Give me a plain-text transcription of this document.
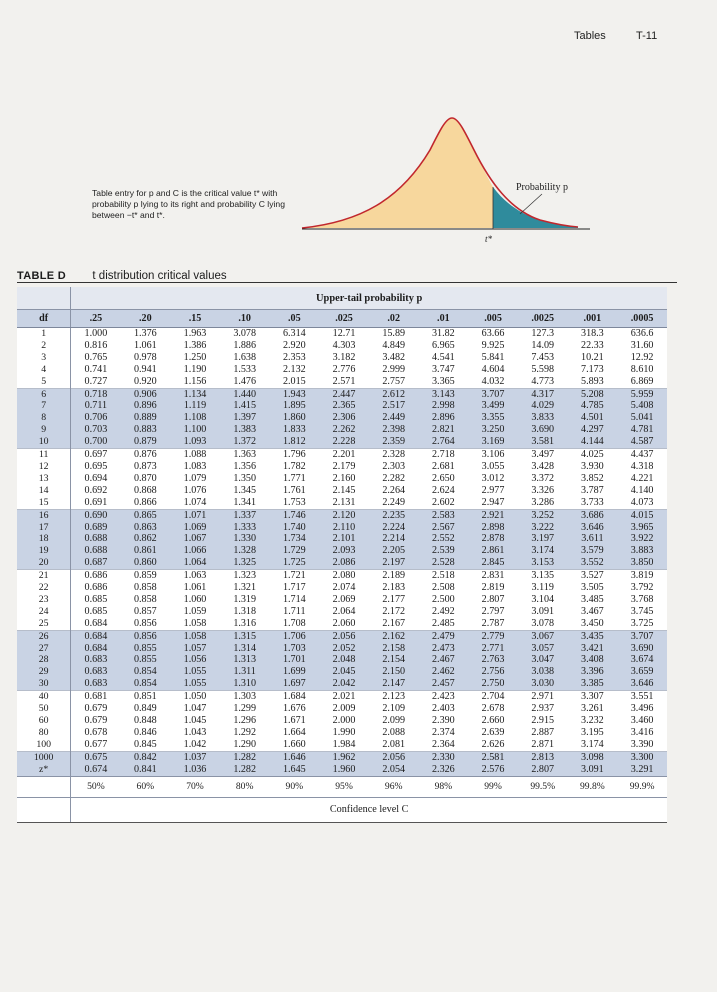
Tables	T-11
Table entry for p and C is the critical value t* with probability p lying to its right and probability C lying between −t* and t*.
Probability p
t*
TABLE D t distribution critical values
	Upper-tail probability p											
df	.25	.20	.15	.10	.05	.025	.02	.01	.005	.0025	.001	.0005
1	1.000	1.376	1.963	3.078	6.314	12.71	15.89	31.82	63.66	127.3	318.3	636.6
2	0.816	1.061	1.386	1.886	2.920	4.303	4.849	6.965	9.925	14.09	22.33	31.60
3	0.765	0.978	1.250	1.638	2.353	3.182	3.482	4.541	5.841	7.453	10.21	12.92
4	0.741	0.941	1.190	1.533	2.132	2.776	2.999	3.747	4.604	5.598	7.173	8.610
5	0.727	0.920	1.156	1.476	2.015	2.571	2.757	3.365	4.032	4.773	5.893	6.869
6	0.718	0.906	1.134	1.440	1.943	2.447	2.612	3.143	3.707	4.317	5.208	5.959
7	0.711	0.896	1.119	1.415	1.895	2.365	2.517	2.998	3.499	4.029	4.785	5.408
8	0.706	0.889	1.108	1.397	1.860	2.306	2.449	2.896	3.355	3.833	4.501	5.041
9	0.703	0.883	1.100	1.383	1.833	2.262	2.398	2.821	3.250	3.690	4.297	4.781
10	0.700	0.879	1.093	1.372	1.812	2.228	2.359	2.764	3.169	3.581	4.144	4.587
11	0.697	0.876	1.088	1.363	1.796	2.201	2.328	2.718	3.106	3.497	4.025	4.437
12	0.695	0.873	1.083	1.356	1.782	2.179	2.303	2.681	3.055	3.428	3.930	4.318
13	0.694	0.870	1.079	1.350	1.771	2.160	2.282	2.650	3.012	3.372	3.852	4.221
14	0.692	0.868	1.076	1.345	1.761	2.145	2.264	2.624	2.977	3.326	3.787	4.140
15	0.691	0.866	1.074	1.341	1.753	2.131	2.249	2.602	2.947	3.286	3.733	4.073
16	0.690	0.865	1.071	1.337	1.746	2.120	2.235	2.583	2.921	3.252	3.686	4.015
17	0.689	0.863	1.069	1.333	1.740	2.110	2.224	2.567	2.898	3.222	3.646	3.965
18	0.688	0.862	1.067	1.330	1.734	2.101	2.214	2.552	2.878	3.197	3.611	3.922
19	0.688	0.861	1.066	1.328	1.729	2.093	2.205	2.539	2.861	3.174	3.579	3.883
20	0.687	0.860	1.064	1.325	1.725	2.086	2.197	2.528	2.845	3.153	3.552	3.850
21	0.686	0.859	1.063	1.323	1.721	2.080	2.189	2.518	2.831	3.135	3.527	3.819
22	0.686	0.858	1.061	1.321	1.717	2.074	2.183	2.508	2.819	3.119	3.505	3.792
23	0.685	0.858	1.060	1.319	1.714	2.069	2.177	2.500	2.807	3.104	3.485	3.768
24	0.685	0.857	1.059	1.318	1.711	2.064	2.172	2.492	2.797	3.091	3.467	3.745
25	0.684	0.856	1.058	1.316	1.708	2.060	2.167	2.485	2.787	3.078	3.450	3.725
26	0.684	0.856	1.058	1.315	1.706	2.056	2.162	2.479	2.779	3.067	3.435	3.707
27	0.684	0.855	1.057	1.314	1.703	2.052	2.158	2.473	2.771	3.057	3.421	3.690
28	0.683	0.855	1.056	1.313	1.701	2.048	2.154	2.467	2.763	3.047	3.408	3.674
29	0.683	0.854	1.055	1.311	1.699	2.045	2.150	2.462	2.756	3.038	3.396	3.659
30	0.683	0.854	1.055	1.310	1.697	2.042	2.147	2.457	2.750	3.030	3.385	3.646
40	0.681	0.851	1.050	1.303	1.684	2.021	2.123	2.423	2.704	2.971	3.307	3.551
50	0.679	0.849	1.047	1.299	1.676	2.009	2.109	2.403	2.678	2.937	3.261	3.496
60	0.679	0.848	1.045	1.296	1.671	2.000	2.099	2.390	2.660	2.915	3.232	3.460
80	0.678	0.846	1.043	1.292	1.664	1.990	2.088	2.374	2.639	2.887	3.195	3.416
100	0.677	0.845	1.042	1.290	1.660	1.984	2.081	2.364	2.626	2.871	3.174	3.390
1000	0.675	0.842	1.037	1.282	1.646	1.962	2.056	2.330	2.581	2.813	3.098	3.300
z*	0.674	0.841	1.036	1.282	1.645	1.960	2.054	2.326	2.576	2.807	3.091	3.291
	50%	60%	70%	80%	90%	95%	96%	98%	99%	99.5%	99.8%	99.9%
	Confidence level C											
